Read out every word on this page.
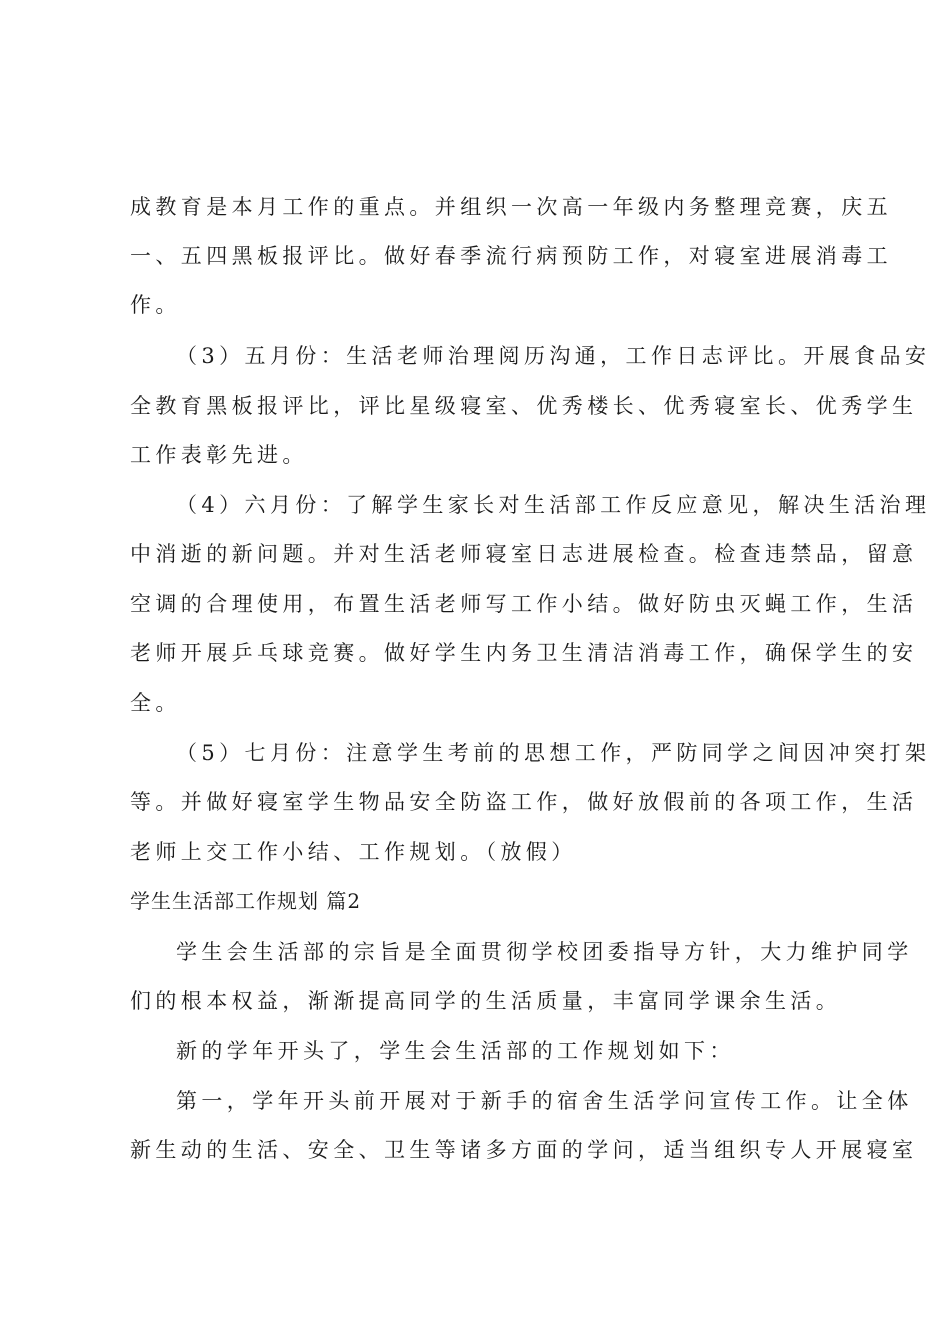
成教育是本月工作的重点。并组织一次高一年级内务整理竞赛，庆五
一、五四黑板报评比。做好春季流行病预防工作，对寝室进展消毒工
作。
（3）五月份：生活老师治理阅历沟通，工作日志评比。开展食品安
全教育黑板报评比，评比星级寝室、优秀楼长、优秀寝室长、优秀学生
工作表彰先进。
（4）六月份：了解学生家长对生活部工作反应意见，解决生活治理
中消逝的新问题。并对生活老师寝室日志进展检查。检查违禁品，留意
空调的合理使用，布置生活老师写工作小结。做好防虫灭蝇工作，生活
老师开展乒乓球竞赛。做好学生内务卫生清洁消毒工作，确保学生的安
全。
（5）七月份：注意学生考前的思想工作，严防同学之间因冲突打架
等。并做好寝室学生物品安全防盗工作，做好放假前的各项工作，生活
老师上交工作小结、工作规划。（放假）
学生生活部工作规划 篇2
学生会生活部的宗旨是全面贯彻学校团委指导方针，大力维护同学
们的根本权益，渐渐提高同学的生活质量，丰富同学课余生活。
新的学年开头了，学生会生活部的工作规划如下：
第一，学年开头前开展对于新手的宿舍生活学问宣传工作。让全体
新生动的生活、安全、卫生等诸多方面的学问，适当组织专人开展寝室
